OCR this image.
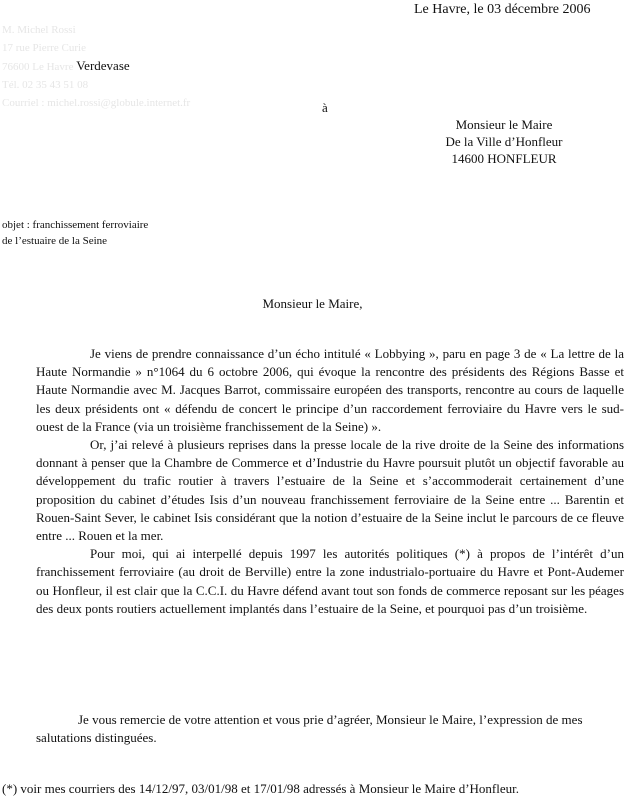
Le Havre, le 03 décembre 2006
M. Michel Rossi
17 rue Pierre Curie
76600 Le Havre Verdevase
Tél. 02 35 43 51 08
Courriel : michel.rossi@globule.internet.fr	à
Monsieur le Maire
De la Ville d’Honfleur
14600 HONFLEUR
objet : franchissement ferroviaire
de l’estuaire de la Seine
Monsieur le Maire,

Je viens de prendre connaissance d’un écho intitulé « Lobbying », paru en page 3 de « La lettre de la Haute Normandie » n°1064 du 6 octobre 2006, qui évoque la rencontre des présidents des Régions Basse et Haute Normandie avec M. Jacques Barrot, commissaire européen des transports, rencontre au cours de laquelle les deux présidents ont « défendu de concert le principe d’un raccordement ferroviaire du Havre vers le sud-ouest de la France (via un troisième franchissement de la Seine) ».

Or, j’ai relevé à plusieurs reprises dans la presse locale de la rive droite de la Seine des informations donnant à penser que la Chambre de Commerce et d’Industrie du Havre poursuit plutôt un objectif favorable au développement du trafic routier à travers l’estuaire de la Seine et s’accommoderait certainement d’une proposition du cabinet d’études Isis d’un nouveau franchissement ferroviaire de la Seine entre ... Barentin et Rouen-Saint Sever, le cabinet Isis considérant que la notion d’estuaire de la Seine inclut le parcours de ce fleuve entre ... Rouen et la mer.

Pour moi, qui ai interpellé depuis 1997 les autorités politiques (*) à propos de l’intérêt d’un franchissement ferroviaire (au droit de Berville) entre la zone industrialo-portuaire du Havre et Pont-Audemer ou Honfleur, il est clair que la C.C.I. du Havre défend avant tout son fonds de commerce reposant sur les péages des deux ponts routiers actuellement implantés dans l’estuaire de la Seine, et pourquoi pas d’un troisième.

Je vous remercie de votre attention et vous prie d’agréer, Monsieur le Maire, l’expression de mes salutations distinguées.

(*) voir mes courriers des 14/12/97, 03/01/98 et 17/01/98 adressés à Monsieur le Maire d’Honfleur.
